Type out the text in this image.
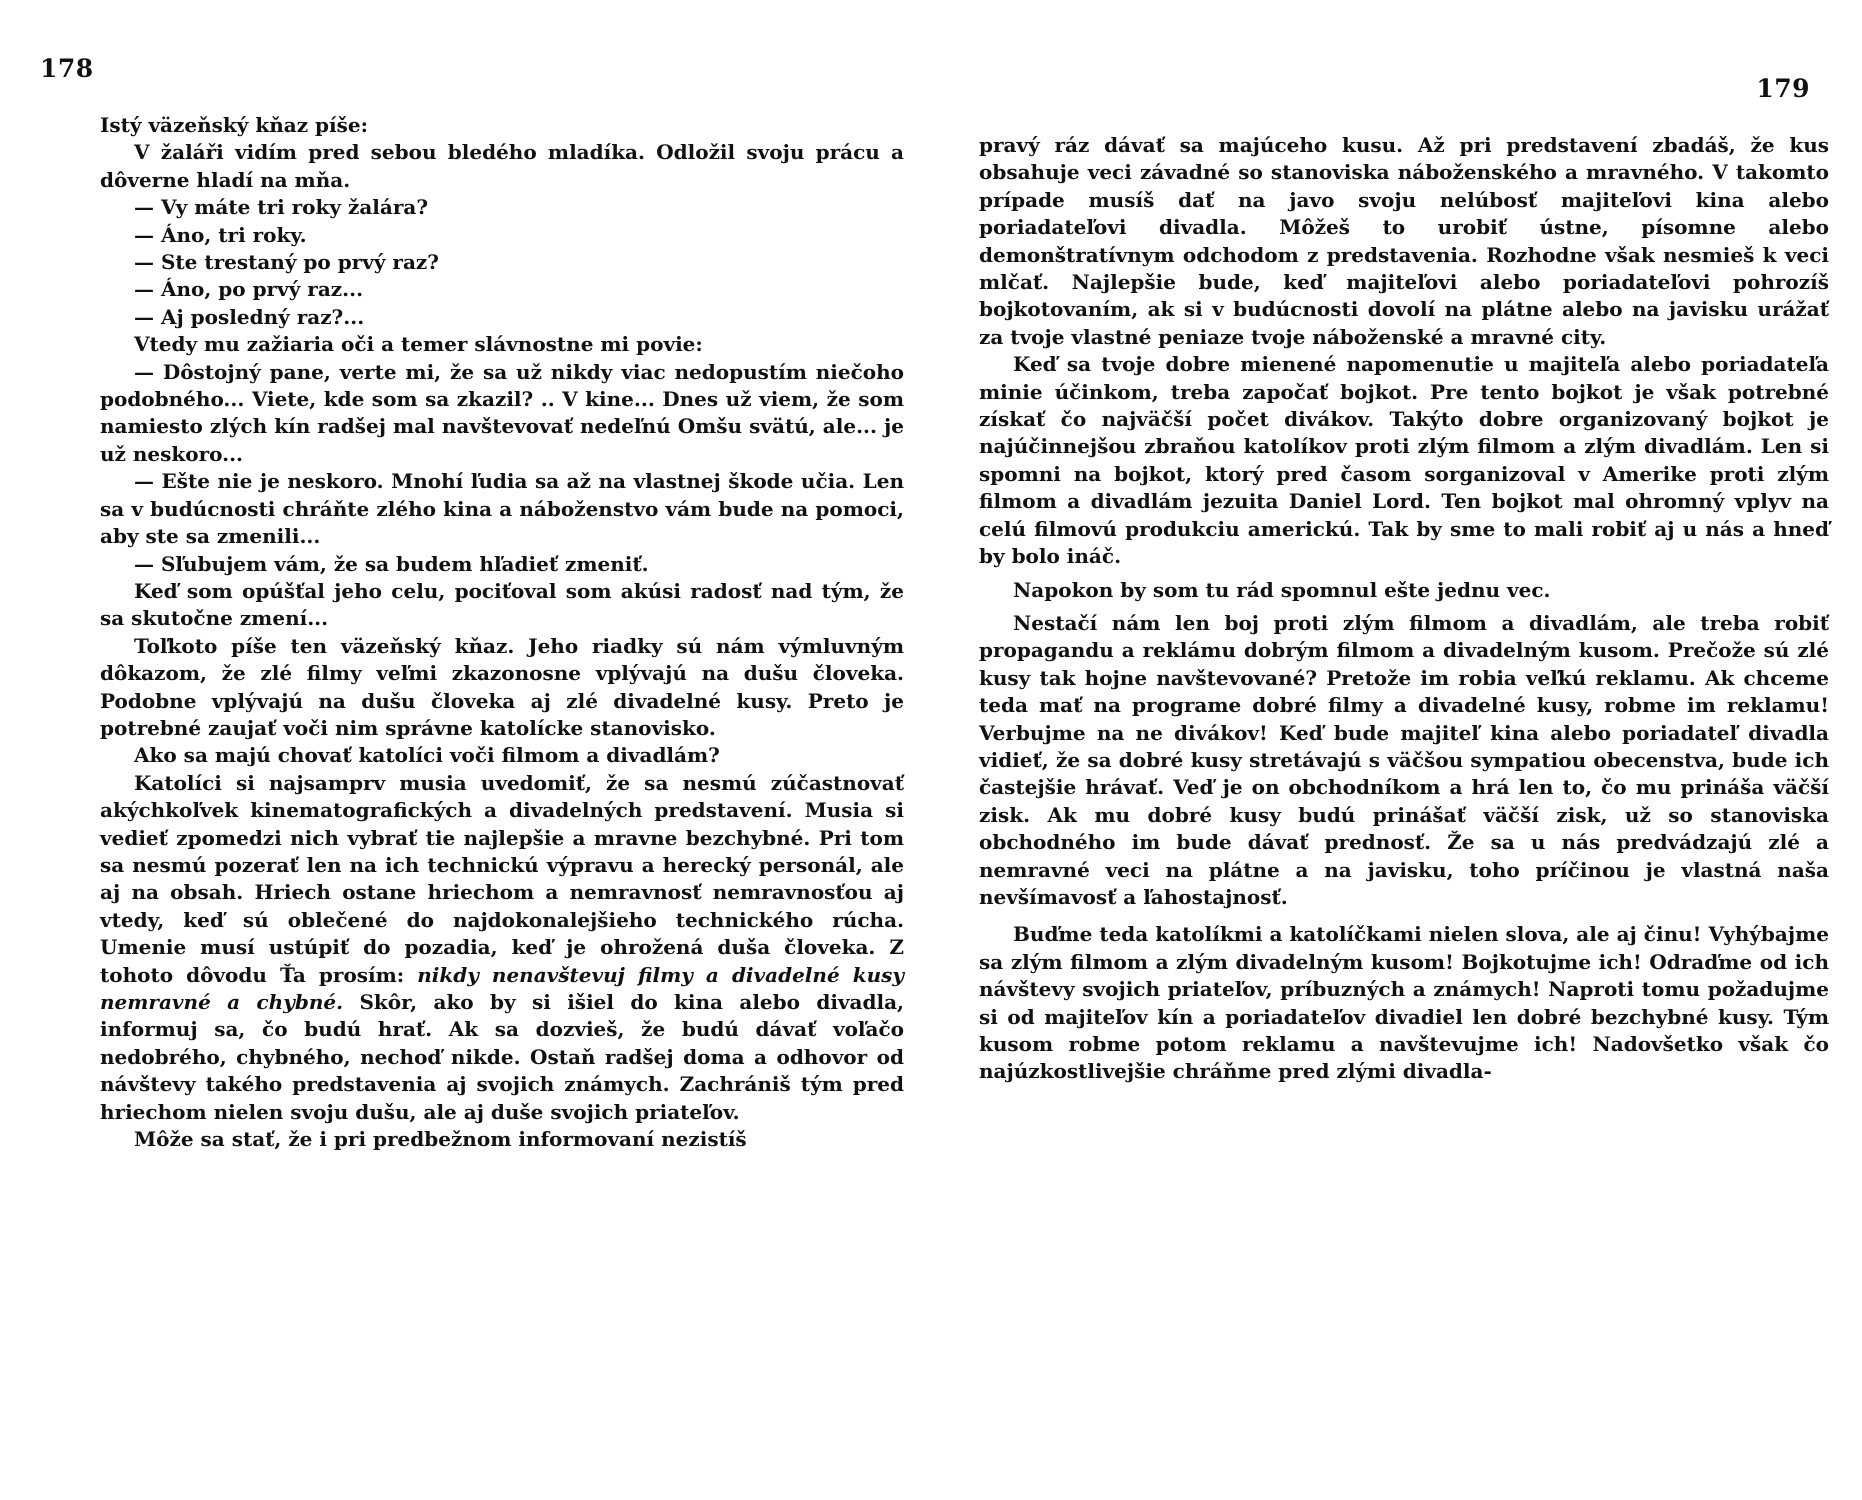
178

Istý väzeňský kňaz píše:

V žaláři vidím pred sebou bledého mladíka. Odložil svoju prácu a dôverne hladí na mňa.

— Vy máte tri roky žalára?

— Áno, tri roky.

— Ste trestaný po prvý raz?

— Áno, po prvý raz...

— Aj posledný raz?...

Vtedy mu zažiaria oči a temer slávnostne mi povie:

— Dôstojný pane, verte mi, že sa už nikdy viac nedopustím niečoho podobného... Viete, kde som sa zkazil? .. V kine... Dnes už viem, že som namiesto zlých kín radšej mal navštevovať nedeľnú Omšu svätú, ale... je už neskoro...

— Ešte nie je neskoro. Mnohí ľudia sa až na vlastnej škode učia. Len sa v budúcnosti chráňte zlého kina a náboženstvo vám bude na pomoci, aby ste sa zmenili...

— Sľubujem vám, že sa budem hľadieť zmeniť.

Keď som opúšťal jeho celu, pociťoval som akúsi radosť nad tým, že sa skutočne zmení...

Toľkoto píše ten väzeňský kňaz. Jeho riadky sú nám výmluvným dôkazom, že zlé filmy veľmi zkazonosne vplývajú na dušu človeka. Podobne vplývajú na dušu človeka aj zlé divadelné kusy. Preto je potrebné zaujať voči nim správne katolícke stanovisko.

Ako sa majú chovať katolíci voči filmom a divadlám?

Katolíci si najsamprv musia uvedomiť, že sa nesmú zúčastnovať akýchkoľvek kinematografických a divadelných predstavení. Musia si vedieť zpomedzi nich vybrať tie najlepšie a mravne bezchybné. Pri tom sa nesmú pozerať len na ich technickú výpravu a herecký personál, ale aj na obsah. Hriech ostane hriechom a nemravnosť nemravnosťou aj vtedy, keď sú oblečené do najdokonalejšieho technického rúcha. Umenie musí ustúpiť do pozadia, keď je ohrožená duša človeka. Z tohoto dôvodu Ťa prosím: nikdy nenavštevuj filmy a divadelné kusy nemravné a chybné. Skôr, ako by si išiel do kina alebo divadla, informuj sa, čo budú hrať. Ak sa dozvieš, že budú dávať voľačo nedobrého, chybného, nechoď nikde. Ostaň radšej doma a odhovor od návštevy takého predstavenia aj svojich známych. Zachrániš tým pred hriechom nielen svoju dušu, ale aj duše svojich priateľov.

Môže sa stať, že i pri predbežnom informovaní nezistíš

179

pravý ráz dávať sa majúceho kusu. Až pri predstavení zbadáš, že kus obsahuje veci závadné so stanoviska náboženského a mravného. V takomto prípade musíš dať na javo svoju nelúbosť majiteľovi kina alebo poriadateľovi divadla. Môžeš to urobiť ústne, písomne alebo demonštratívnym odchodom z predstavenia. Rozhodne však nesmieš k veci mlčať. Najlepšie bude, keď majiteľovi alebo poriadateľovi pohrozíš bojkotovaním, ak si v budúcnosti dovolí na plátne alebo na javisku urážať za tvoje vlastné peniaze tvoje náboženské a mravné city.

Keď sa tvoje dobre mienené napomenutie u majiteľa alebo poriadateľa minie účinkom, treba započať bojkot. Pre tento bojkot je však potrebné získať čo najväčší počet divákov. Takýto dobre organizovaný bojkot je najúčinnejšou zbraňou katolíkov proti zlým filmom a zlým divadlám. Len si spomni na bojkot, ktorý pred časom sorganizoval v Amerike proti zlým filmom a divadlám jezuita Daniel Lord. Ten bojkot mal ohromný vplyv na celú filmovú produkciu americkú. Tak by sme to mali robiť aj u nás a hneď by bolo ináč.

Napokon by som tu rád spomnul ešte jednu vec.

Nestačí nám len boj proti zlým filmom a divadlám, ale treba robiť propagandu a reklámu dobrým filmom a divadelným kusom. Prečože sú zlé kusy tak hojne navštevované? Pretože im robia veľkú reklamu. Ak chceme teda mať na programe dobré filmy a divadelné kusy, robme im reklamu! Verbujme na ne divákov! Keď bude majiteľ kina alebo poriadateľ divadla vidieť, že sa dobré kusy stretávajú s väčšou sympatiou obecenstva, bude ich častejšie hrávať. Veď je on obchodníkom a hrá len to, čo mu prináša väčší zisk. Ak mu dobré kusy budú prinášať väčší zisk, už so stanoviska obchodného im bude dávať prednosť. Že sa u nás predvádzajú zlé a nemravné veci na plátne a na javisku, toho príčinou je vlastná naša nevšímavosť a ľahostajnosť.

Buďme teda katolíkmi a katolíčkami nielen slova, ale aj činu! Vyhýbajme sa zlým filmom a zlým divadelným kusom! Bojkotujme ich! Odraďme od ich návštevy svojich priateľov, príbuzných a známych! Naproti tomu požadujme si od majiteľov kín a poriadateľov divadiel len dobré bezchybné kusy. Tým kusom robme potom reklamu a navštevujme ich! Nadovšetko však čo najúzkostlivejšie chráňme pred zlými divadla-
